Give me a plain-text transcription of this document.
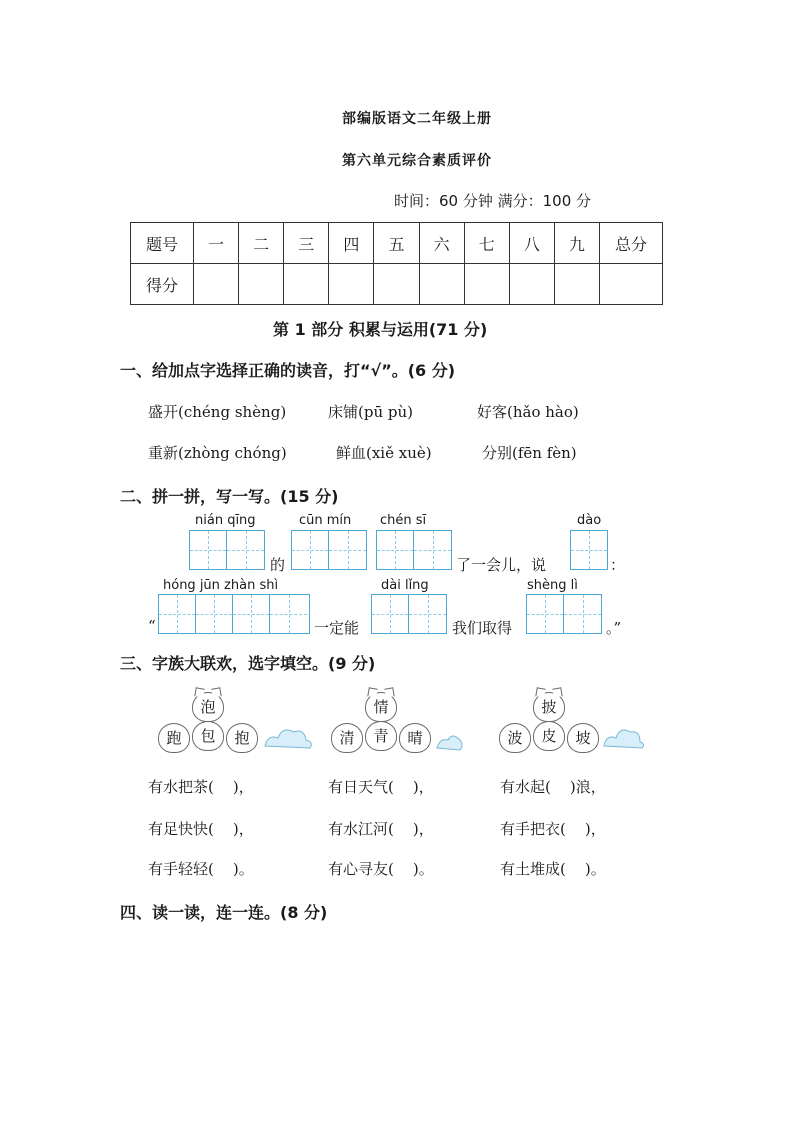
部编版语文二年级上册
第六单元综合素质评价
时间：60 分钟 满分：100 分
题号	一	二	三	四	五	六	七	八	九	总分
得分										
第 1 部分 积累与运用(71 分)
一、给加点字选择正确的读音，打“√”。(6 分)
盛开(chéng shèng)	床铺(pū pù)	好客(hǎo hào)
重新(zhòng chóng)	鲜血(xiě xuè)	分别(fēn fèn)
二、拼一拼，写一写。(15 分)
nián qīng
的
cūn mín chén sī
了一会儿，说
dào
：
hóng jūn zhàn shì
“	一定能
dài lǐng
我们取得
shèng lì
。”
三、字族大联欢，选字填空。(9 分)
泡
跑	包	抱
情
清	青	晴
披
波	皮	坡
有水把茶(    )，	有日天气(    )，	有水起(    )浪，
有足快快(    )，	有水江河(    )，	有手把衣(    )，
有手轻轻(    )。	有心寻友(    )。	有土堆成(    )。
四、读一读，连一连。(8 分)
